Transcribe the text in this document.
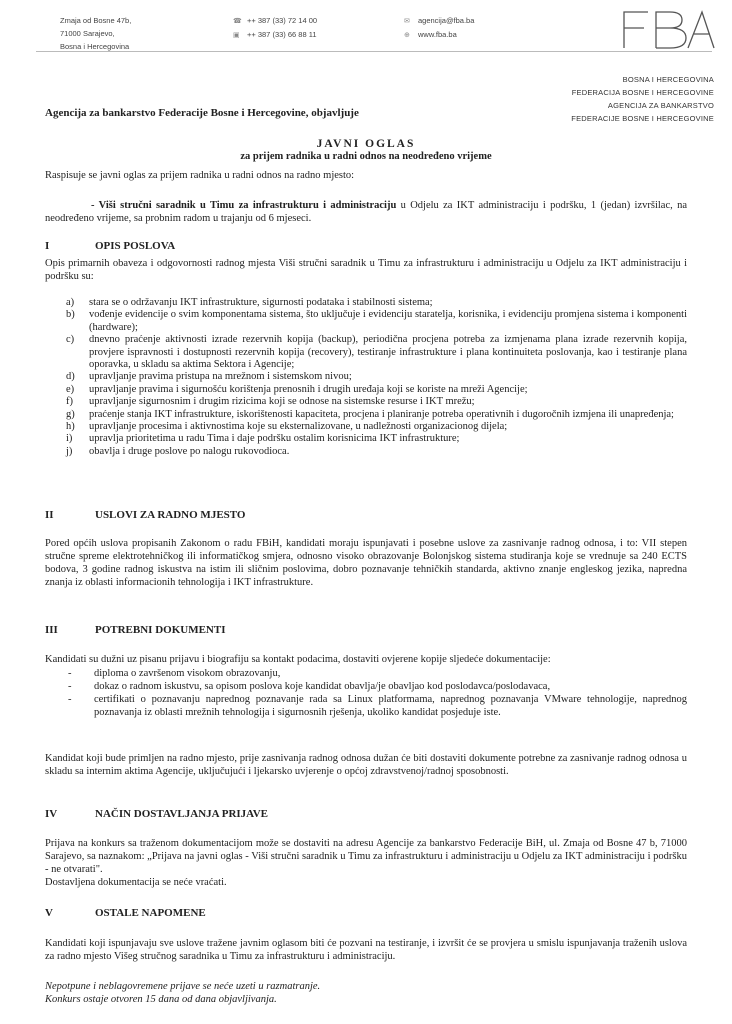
Zmaja od Bosne 47b,
71000 Sarajevo,
Bosna i Hercegovina
☎ ++ 387 (33) 72 14 00
▣ ++ 387 (33) 66 88 11
✉ agencija@fba.ba
⊕ www.fba.ba
BOSNA I HERCEGOVINA
FEDERACIJA BOSNE I HERCEGOVINE
AGENCIJA ZA BANKARSTVO
FEDERACIJE BOSNE I HERCEGOVINE
Agencija za bankarstvo Federacije Bosne i Hercegovine, objavljuje
JAVNI OGLAS
za prijem radnika u radni odnos na neodređeno vrijeme
Raspisuje se javni oglas za prijem radnika u radni odnos na radno mjesto:
- Viši stručni saradnik u Timu za infrastrukturu i administraciju u Odjelu za IKT administraciju i podršku, 1 (jedan) izvršilac, na neodređeno vrijeme, sa probnim radom u trajanju od 6 mjeseci.
I	OPIS POSLOVA
Opis primarnih obaveza i odgovornosti radnog mjesta Viši stručni saradnik u Timu za infrastrukturu i administraciju u Odjelu za IKT administraciju i podršku su:
a) stara se o održavanju IKT infrastrukture, sigurnosti podataka i stabilnosti sistema;
b) vođenje evidencije o svim komponentama sistema, što uključuje i evidenciju staratelja, korisnika, i evidenciju promjena sistema i komponenti (hardware);
c) dnevno praćenje aktivnosti izrade rezervnih kopija (backup), periodična procjena potreba za izmjenama plana izrade rezervnih kopija, provjere ispravnosti i dostupnosti rezervnih kopija (recovery), testiranje infrastrukture i plana kontinuiteta poslovanja, kao i testiranje plana oporavka, u skladu sa aktima Sektora i Agencije;
d) upravljanje pravima pristupa na mrežnom i sistemskom nivou;
e) upravljanje pravima i sigurnošću korištenja prenosnih i drugih uređaja koji se koriste na mreži Agencije;
f) upravljanje sigurnosnim i drugim rizicima koji se odnose na sistemske resurse i IKT mrežu;
g) praćenje stanja IKT infrastrukture, iskorištenosti kapaciteta, procjena i planiranje potreba operativnih i dugoročnih izmjena ili unapređenja;
h) upravljanje procesima i aktivnostima koje su eksternalizovane, u nadležnosti organizacionog dijela;
i) upravlja prioritetima u radu Tima i daje podršku ostalim korisnicima IKT infrastrukture;
j) obavlja i druge poslove po nalogu rukovodioca.
II	USLOVI ZA RADNO MJESTO
Pored općih uslova propisanih Zakonom o radu FBiH, kandidati moraju ispunjavati i posebne uslove za zasnivanje radnog odnosa, i to: VII stepen stručne spreme elektrotehničkog ili informatičkog smjera, odnosno visoko obrazovanje Bolonjskog sistema studiranja koje se vrednuje sa 240 ECTS bodova, 3 godine radnog iskustva na istim ili sličnim poslovima, dobro poznavanje tehničkih standarda, aktivno znanje engleskog jezika, napredna znanja iz oblasti informacionih tehnologija i IKT infrastrukture.
III	POTREBNI DOKUMENTI
Kandidati su dužni uz pisanu prijavu i biografiju sa kontakt podacima, dostaviti ovjerene kopije sljedeće dokumentacije:
- diploma o završenom visokom obrazovanju,
- dokaz o radnom iskustvu, sa opisom poslova koje kandidat obavlja/je obavljao kod poslodavca/poslodavaca,
- certifikati o poznavanju naprednog poznavanje rada sa Linux platformama, naprednog poznavanja VMware tehnologije, naprednog poznavanja iz oblasti mrežnih tehnologija i sigurnosnih rješenja, ukoliko kandidat posjeduje iste.
Kandidat koji bude primljen na radno mjesto, prije zasnivanja radnog odnosa dužan će biti dostaviti dokumente potrebne za zasnivanje radnog odnosa u skladu sa internim aktima Agencije, uključujući i ljekarsko uvjerenje o općoj zdravstvenoj/radnoj sposobnosti.
IV	NAČIN DOSTAVLJANJA PRIJAVE
Prijava na konkurs sa traženom dokumentacijom može se dostaviti na adresu Agencije za bankarstvo Federacije BiH, ul. Zmaja od Bosne 47 b, 71000 Sarajevo, sa naznakom: „Prijava na javni oglas - Viši stručni saradnik u Timu za infrastrukturu i administraciju u Odjelu za IKT administraciju i podršku - ne otvarati".
Dostavljena dokumentacija se neće vraćati.
V	OSTALE NAPOMENE
Kandidati koji ispunjavaju sve uslove tražene javnim oglasom biti će pozvani na testiranje, i izvršit će se provjera u smislu ispunjavanja traženih uslova za radno mjesto Višeg stručnog saradnika u Timu za infrastrukturu i administraciju.
Nepotpune i neblagovremene prijave se neće uzeti u razmatranje.
Konkurs ostaje otvoren 15 dana od dana objavljivanja.
